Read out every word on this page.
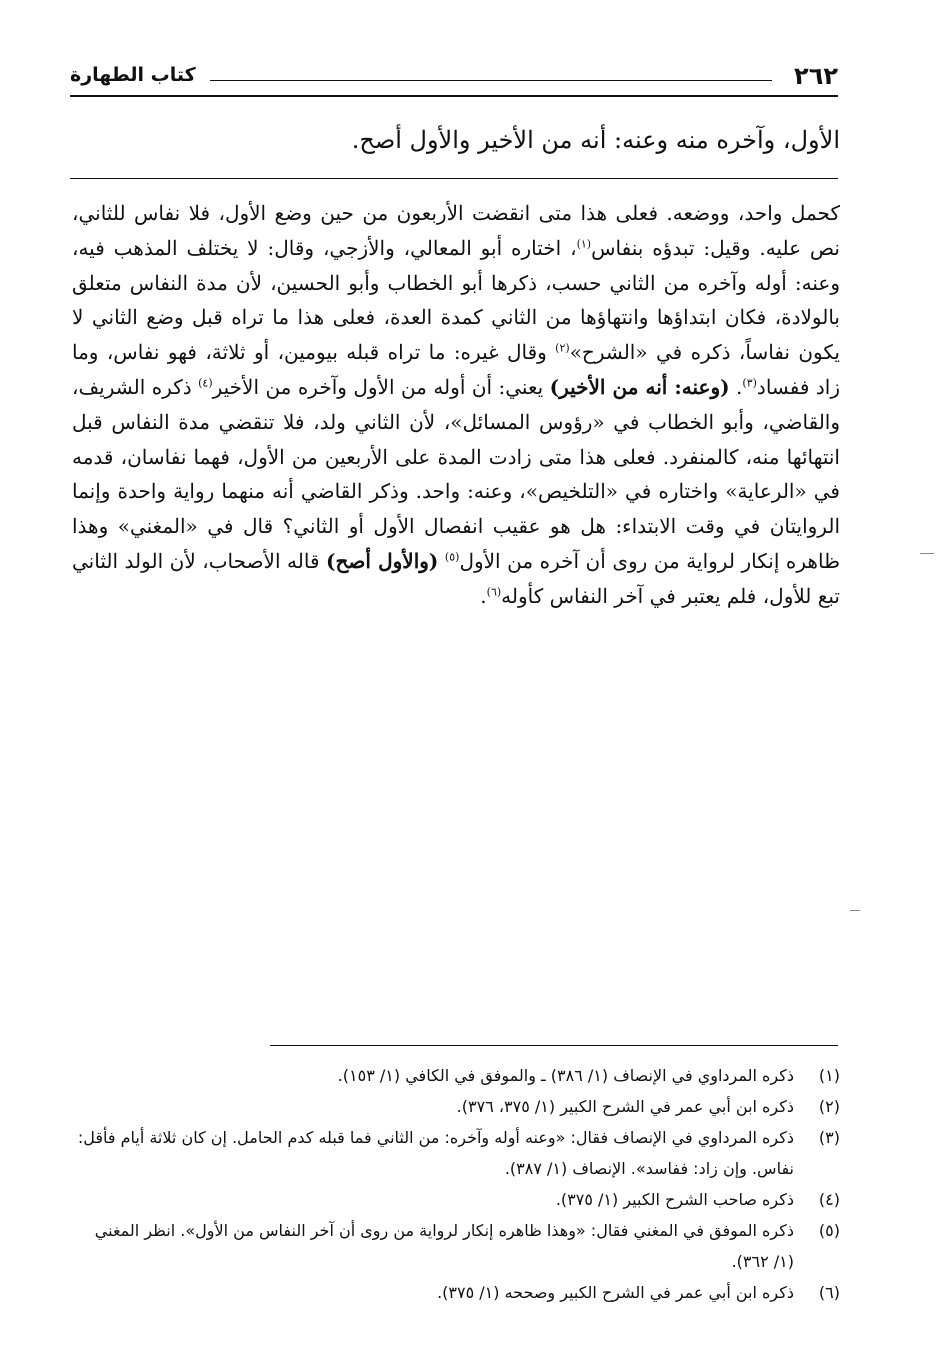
٢٦٢
كتاب الطهارة
الأول، وآخره منه وعنه: أنه من الأخير والأول أصح.
كحمل واحد، ووضعه. فعلى هذا متى انقضت الأربعون من حين وضع الأول، فلا نفاس للثاني، نص عليه. وقيل: تبدؤه بنفاس$^{(١)}$، اختاره أبو المعالي، والأزجي، وقال: لا يختلف المذهب فيه، وعنه: أوله وآخره من الثاني حسب، ذكرها أبو الخطاب وأبو الحسين، لأن مدة النفاس متعلق بالولادة، فكان ابتداؤها وانتهاؤها من الثاني كمدة العدة، فعلى هذا ما تراه قبل وضع الثاني لا يكون نفاساً، ذكره في «الشرح»$^{(٢)}$ وقال غيره: ما تراه قبله بيومين، أو ثلاثة، فهو نفاس، وما زاد ففساد$^{(٣)}$. (وعنه: أنه من الأخير) يعني: أن أوله من الأول وآخره من الأخير$^{(٤)}$ ذكره الشريف، والقاضي، وأبو الخطاب في «رؤوس المسائل»، لأن الثاني ولد، فلا تنقضي مدة النفاس قبل انتهائها منه، كالمنفرد. فعلى هذا متى زادت المدة على الأربعين من الأول، فهما نفاسان، قدمه في «الرعاية» واختاره في «التلخيص»، وعنه: واحد. وذكر القاضي أنه منهما رواية واحدة وإنما الروايتان في وقت الابتداء: هل هو عقيب انفصال الأول أو الثاني؟ قال في «المغني» وهذا ظاهره إنكار لرواية من روى أن آخره من الأول$^{(٥)}$ (والأول أصح) قاله الأصحاب، لأن الولد الثاني تبع للأول، فلم يعتبر في آخر النفاس كأوله$^{(٦)}$.
(١)
ذكره المرداوي في الإنصاف (١/ ٣٨٦) ـ والموفق في الكافي (١/ ١٥٣).
(٢)
ذكره ابن أبي عمر في الشرح الكبير (١/ ٣٧٥، ٣٧٦).
(٣)
ذكره المرداوي في الإنصاف فقال: «وعنه أوله وآخره: من الثاني فما قبله كدم الحامل. إن كان ثلاثة أيام فأقل: نفاس. وإن زاد: ففاسد». الإنصاف (١/ ٣٨٧).
(٤)
ذكره صاحب الشرح الكبير (١/ ٣٧٥).
(٥)
ذكره الموفق في المغني فقال: «وهذا ظاهره إنكار لرواية من روى أن آخر النفاس من الأول». انظر المغني (١/ ٣٦٢).
(٦)
ذكره ابن أبي عمر في الشرح الكبير وصححه (١/ ٣٧٥).
